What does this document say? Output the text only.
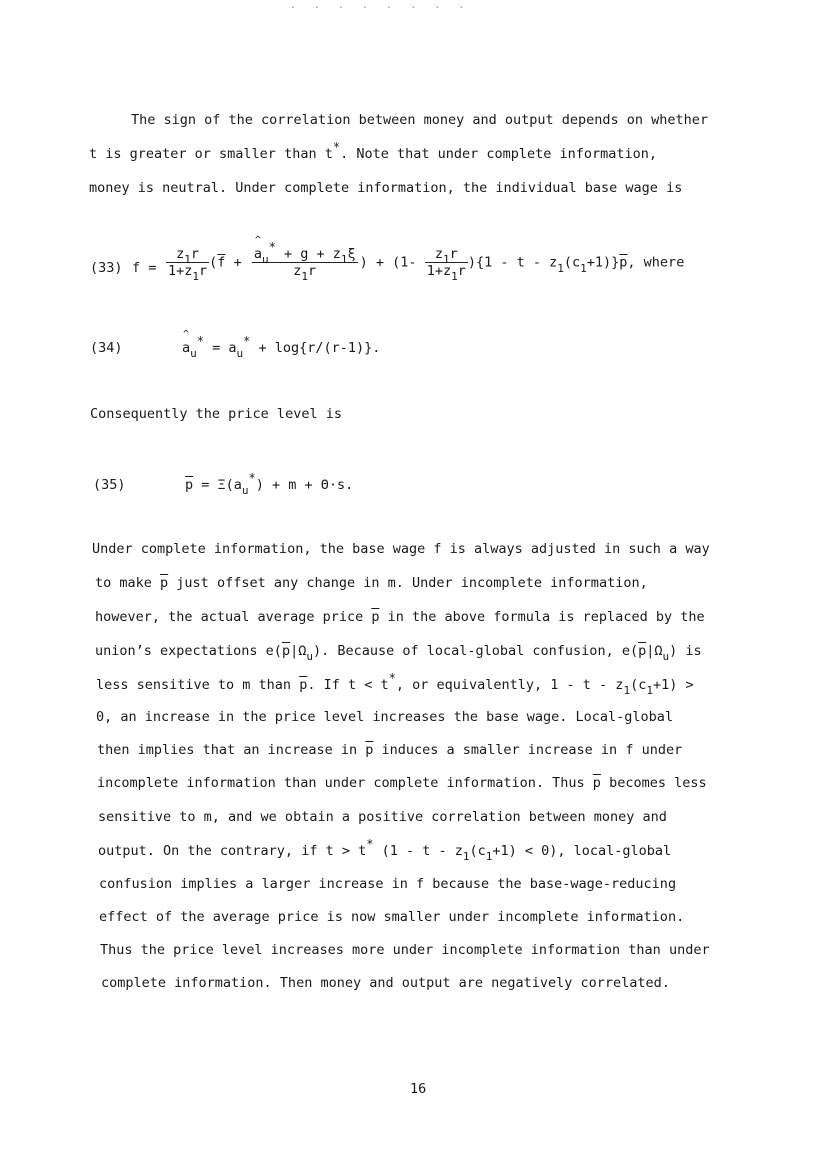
. . . . . . . .
The sign of the correlation between money and output depends on whether
t is greater or smaller than t*. Note that under complete information,
money is neutral. Under complete information, the individual base wage is
(33) $f = \frac{z_1r}{1+z_1r} (\overline{f}$ + ^ $\frac{a_u* + g + z_1\xi}{z_1r}$ ) + $(1- \frac{z_1r}{1+z_1r} )\{1 - t - z_1(c_1+1)\}\overline{p}$, where
(34)	^ $a_u* = a_u* + \log\{r/(r-1)\}$.
Consequently the price level is
(35)	$\overline{p} = \Xi(a_u*) + m + \Theta\cdot s$.
Under complete information, the base wage f is always adjusted in such a way
to make $\overline{p}$ just offset any change in m. Under incomplete information,
however, the actual average price $\overline{p}$ in the above formula is replaced by the
union’s expectations $e(\overline{p}|\Omega_u)$. Because of local-global confusion, $e(\overline{p}|\Omega_u)$ is
less sensitive to m than $\overline{p}$. If t < t*, or equivalently, $1 - t - z_1(c_1+1)$ >
0, an increase in the price level increases the base wage. Local-global
then implies that an increase in $\overline{p}$ induces a smaller increase in f under
incomplete information than under complete information. Thus $\overline{p}$ becomes less
sensitive to m, and we obtain a positive correlation between money and
output. On the contrary, if t > t* $(1 - t - z_1(c_1+1) < 0)$, local-global
confusion implies a larger increase in f because the base-wage-reducing
effect of the average price is now smaller under incomplete information.
Thus the price level increases more under incomplete information than under
complete information. Then money and output are negatively correlated.
16
